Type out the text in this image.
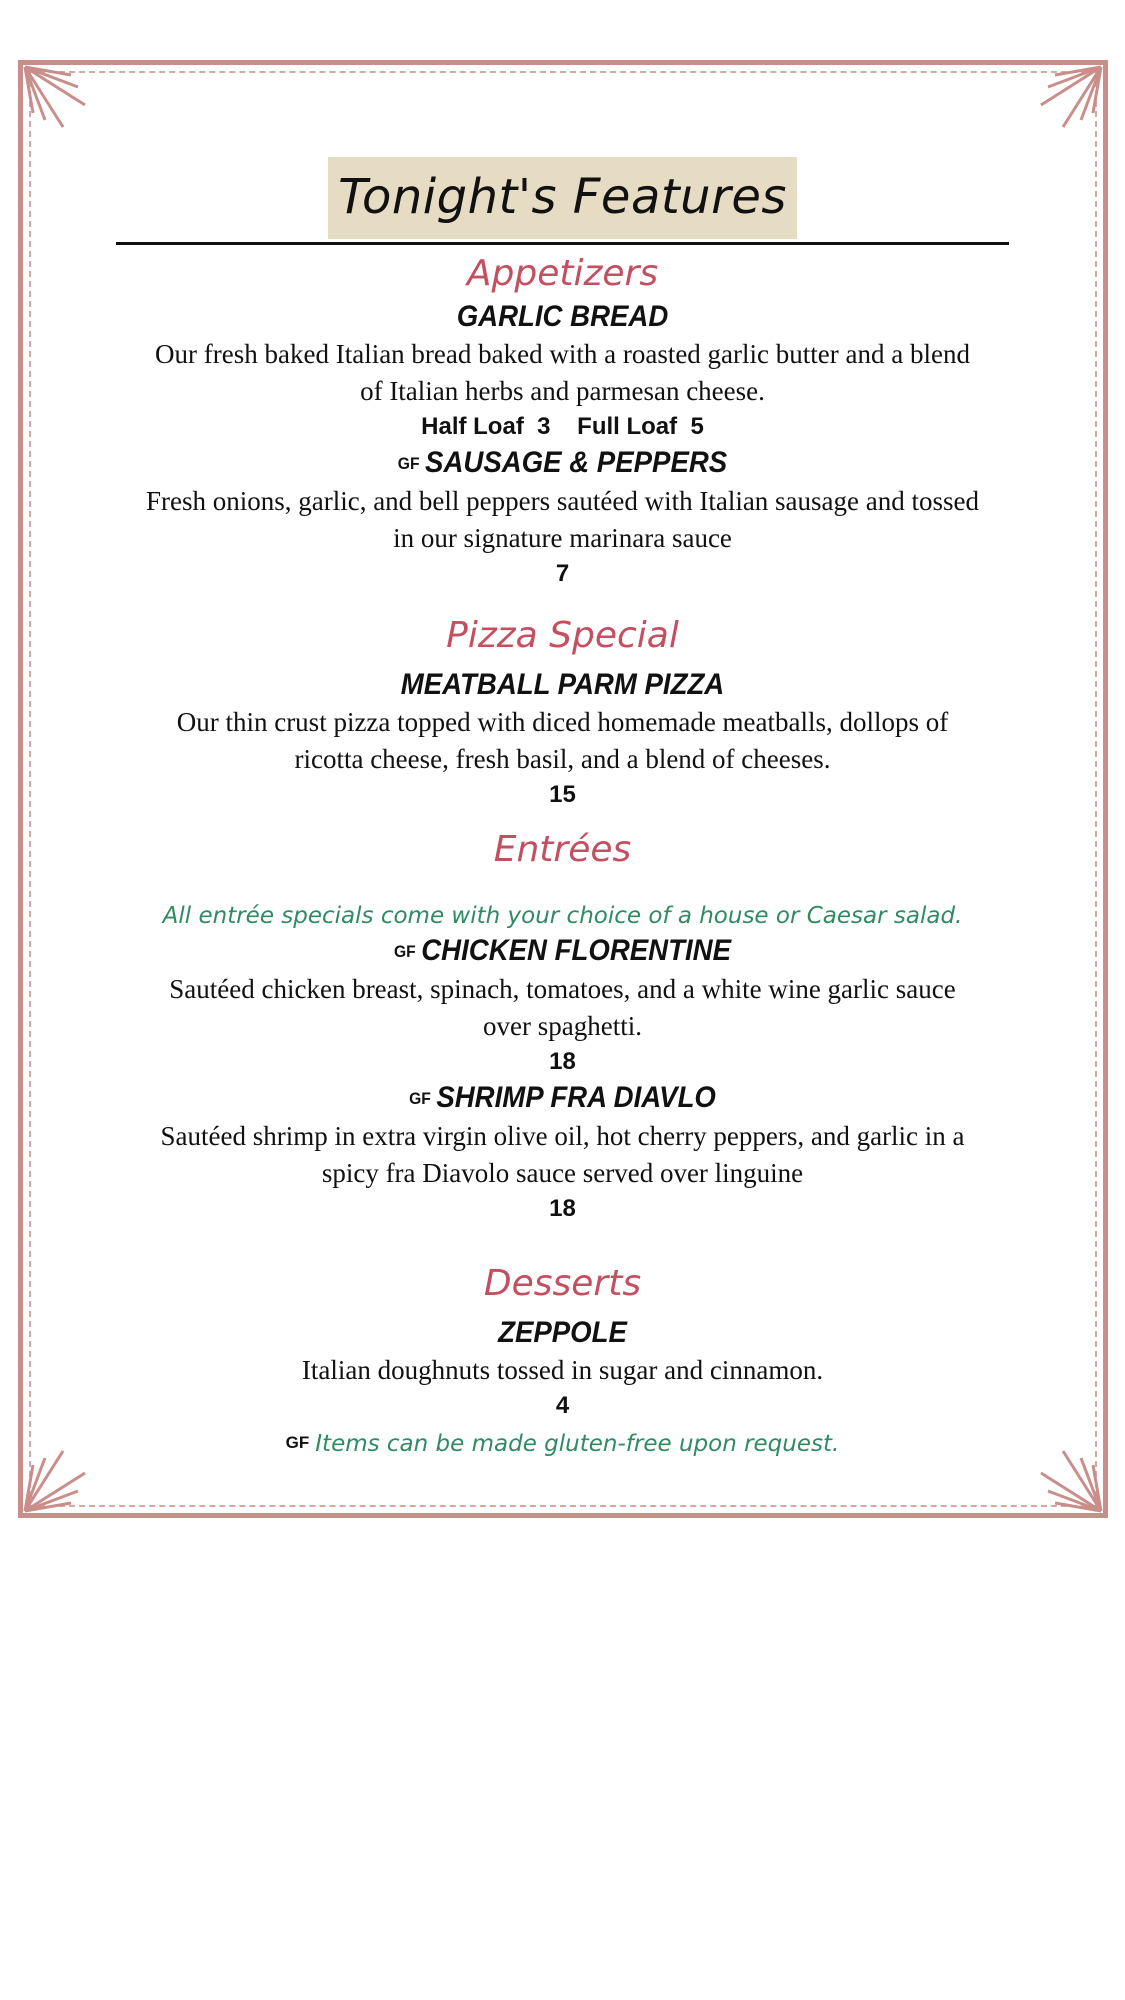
Tonight's Features
Appetizers
GARLIC BREAD
Our fresh baked Italian bread baked with a roasted garlic butter and a blend
of Italian herbs and parmesan cheese.
Half Loaf  3    Full Loaf  5
GF SAUSAGE & PEPPERS
Fresh onions, garlic, and bell peppers sautéed with Italian sausage and tossed
in our signature marinara sauce
7
Pizza Special
MEATBALL PARM PIZZA
Our thin crust pizza topped with diced homemade meatballs, dollops of
ricotta cheese, fresh basil, and a blend of cheeses.
15
Entrées
All entrée specials come with your choice of a house or Caesar salad.
GF CHICKEN FLORENTINE
Sautéed chicken breast, spinach, tomatoes, and a white wine garlic sauce
over spaghetti.
18
GF SHRIMP FRA DIAVLO
Sautéed shrimp in extra virgin olive oil, hot cherry peppers, and garlic in a
spicy fra Diavolo sauce served over linguine
18
Desserts
ZEPPOLE
Italian doughnuts tossed in sugar and cinnamon.
4
GF Items can be made gluten-free upon request.
